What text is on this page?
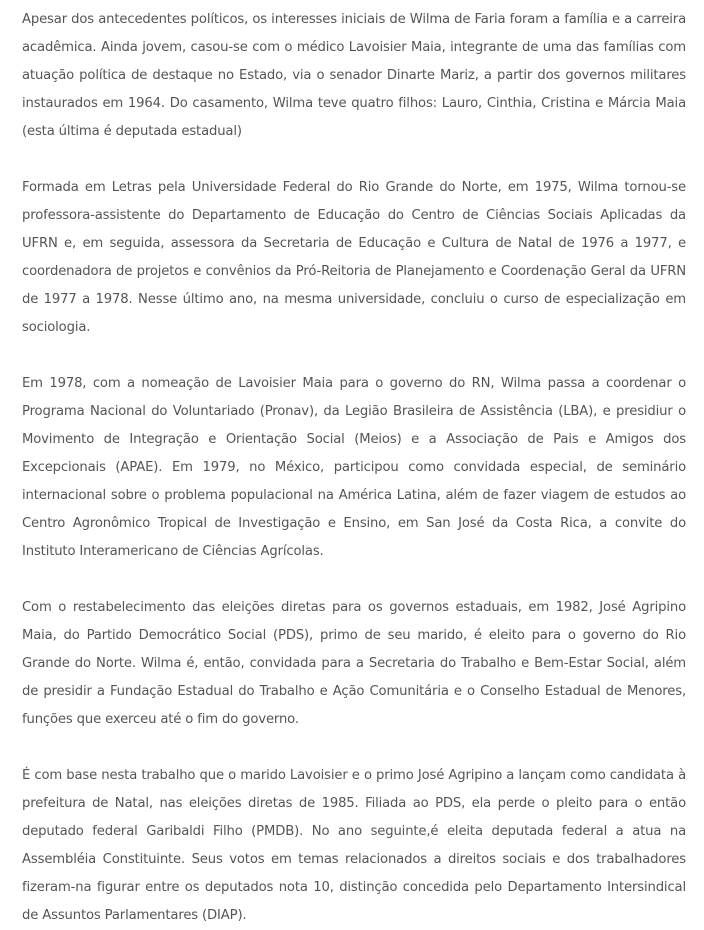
Apesar dos antecedentes políticos, os interesses iniciais de Wilma de Faria foram a família e a carreira acadêmica. Ainda jovem, casou-se com o médico Lavoisier Maia, integrante de uma das famílias com atuação política de destaque no Estado, via o senador Dinarte Mariz, a partir dos governos militares instaurados em 1964. Do casamento, Wilma teve quatro filhos: Lauro, Cinthia, Cristina e Márcia Maia (esta última é deputada estadual)

Formada em Letras pela Universidade Federal do Rio Grande do Norte, em 1975, Wilma tornou-se professora-assistente do Departamento de Educação do Centro de Ciências Sociais Aplicadas da UFRN e, em seguida, assessora da Secretaria de Educação e Cultura de Natal de 1976 a 1977, e coordenadora de projetos e convênios da Pró-Reitoria de Planejamento e Coordenação Geral da UFRN de 1977 a 1978. Nesse último ano, na mesma universidade, concluiu o curso de especialização em sociologia.

Em 1978, com a nomeação de Lavoisier Maia para o governo do RN, Wilma passa a coordenar o Programa Nacional do Voluntariado (Pronav), da Legião Brasileira de Assistência (LBA), e presidiur o Movimento de Integração e Orientação Social (Meios) e a Associação de Pais e Amigos dos Excepcionais (APAE). Em 1979, no México, participou como convidada especial, de seminário internacional sobre o problema populacional na América Latina, além de fazer viagem de estudos ao Centro Agronômico Tropical de Investigação e Ensino, em San José da Costa Rica, a convite do Instituto Interamericano de Ciências Agrícolas.

Com o restabelecimento das eleições diretas para os governos estaduais, em 1982, José Agripino Maia, do Partido Democrático Social (PDS), primo de seu marido, é eleito para o governo do Rio Grande do Norte. Wilma é, então, convidada para a Secretaria do Trabalho e Bem-Estar Social, além de presidir a Fundação Estadual do Trabalho e Ação Comunitária e o Conselho Estadual de Menores, funções que exerceu até o fim do governo.

É com base nesta trabalho que o marido Lavoisier e o primo José Agripino a lançam como candidata à prefeitura de Natal, nas eleições diretas de 1985. Filiada ao PDS, ela perde o pleito para o então deputado federal Garibaldi Filho (PMDB). No ano seguinte,é eleita deputada federal a atua na Assembléia Constituinte. Seus votos em temas relacionados a direitos sociais e dos trabalhadores fizeram-na figurar entre os deputados nota 10, distinção concedida pelo Departamento Intersindical de Assuntos Parlamentares (DIAP).
